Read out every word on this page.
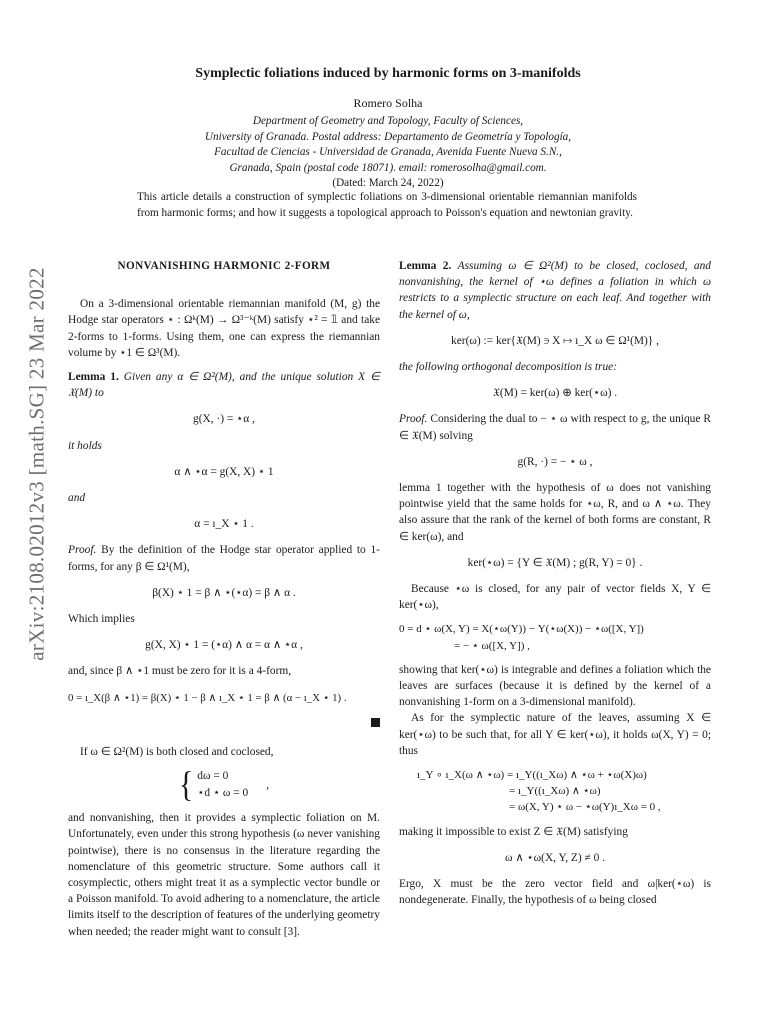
arXiv:2108.02012v3 [math.SG] 23 Mar 2022
Symplectic foliations induced by harmonic forms on 3-manifolds
Romero Solha
Department of Geometry and Topology, Faculty of Sciences,
University of Granada. Postal address: Departamento de Geometría y Topología,
Facultad de Ciencias - Universidad de Granada, Avenida Fuente Nueva S.N.,
Granada, Spain (postal code 18071). email: romerosolha@gmail.com.
(Dated: March 24, 2022)
This article details a construction of symplectic foliations on 3-dimensional orientable riemannian manifolds from harmonic forms; and how it suggests a topological approach to Poisson's equation and newtonian gravity.
NONVANISHING HARMONIC 2-FORM

On a 3-dimensional orientable riemannian manifold (M, g) the Hodge star operators ⋆ : Ωᵏ(M) → Ω³⁻ᵏ(M) satisfy ⋆² = 𝟙 and take 2-forms to 1-forms. Using them, one can express the riemannian volume by ⋆1 ∈ Ω³(M).

Lemma 1. Given any α ∈ Ω²(M), and the unique solution X ∈ 𝔛(M) to

g(X, ·) = ⋆α ,

it holds

α ∧ ⋆α = g(X, X) ⋆ 1

and

α = ı_X ⋆ 1 .

Proof. By the definition of the Hodge star operator applied to 1-forms, for any β ∈ Ω¹(M),

β(X) ⋆ 1 = β ∧ ⋆(⋆α) = β ∧ α .

Which implies

g(X, X) ⋆ 1 = (⋆α) ∧ α = α ∧ ⋆α ,

and, since β ∧ ⋆1 must be zero for it is a 4-form,

0 = ı_X(β ∧ ⋆1) = β(X) ⋆ 1 − β ∧ ı_X ⋆ 1 = β ∧ (α − ı_X ⋆ 1) .

If ω ∈ Ω²(M) is both closed and coclosed,

{ dω = 0
⋆d ⋆ ω = 0
,

and nonvanishing, then it provides a symplectic foliation on M. Unfortunately, even under this strong hypothesis (ω never vanishing pointwise), there is no consensus in the literature regarding the nomenclature of this geometric structure. Some authors call it cosymplectic, others might treat it as a symplectic vector bundle or a Poisson manifold. To avoid adhering to a nomenclature, the article limits itself to the description of features of the underlying geometry when needed; the reader might want to consult [3].

Lemma 2. Assuming ω ∈ Ω²(M) to be closed, coclosed, and nonvanishing, the kernel of ⋆ω defines a foliation in which ω restricts to a symplectic structure on each leaf. And together with the kernel of ω,

ker(ω) := ker{𝔛(M) ∋ X ↦ ı_X ω ∈ Ω¹(M)} ,

the following orthogonal decomposition is true:

𝔛(M) = ker(ω) ⊕ ker(⋆ω) .

Proof. Considering the dual to − ⋆ ω with respect to g, the unique R ∈ 𝔛(M) solving

g(R, ·) = − ⋆ ω ,

lemma 1 together with the hypothesis of ω does not vanishing pointwise yield that the same holds for ⋆ω, R, and ω ∧ ⋆ω. They also assure that the rank of the kernel of both forms are constant, R ∈ ker(ω), and

ker(⋆ω) = {Y ∈ 𝔛(M) ; g(R, Y) = 0} .

Because ⋆ω is closed, for any pair of vector fields X, Y ∈ ker(⋆ω),

0 = d ⋆ ω(X, Y) = X(⋆ω(Y)) − Y(⋆ω(X)) − ⋆ω([X, Y])
= − ⋆ ω([X, Y]) ,

showing that ker(⋆ω) is integrable and defines a foliation which the leaves are surfaces (because it is defined by the kernel of a nonvanishing 1-form on a 3-dimensional manifold).

As for the symplectic nature of the leaves, assuming X ∈ ker(⋆ω) to be such that, for all Y ∈ ker(⋆ω), it holds ω(X, Y) = 0; thus

ı_Y ∘ ı_X(ω ∧ ⋆ω) = ı_Y((ı_Xω) ∧ ⋆ω + ⋆ω(X)ω)
= ı_Y((ı_Xω) ∧ ⋆ω)
= ω(X, Y) ⋆ ω − ⋆ω(Y)ı_Xω = 0 ,

making it impossible to exist Z ∈ 𝔛(M) satisfying

ω ∧ ⋆ω(X, Y, Z) ≠ 0 .

Ergo, X must be the zero vector field and ω|ker(⋆ω) is nondegenerate. Finally, the hypothesis of ω being closed
